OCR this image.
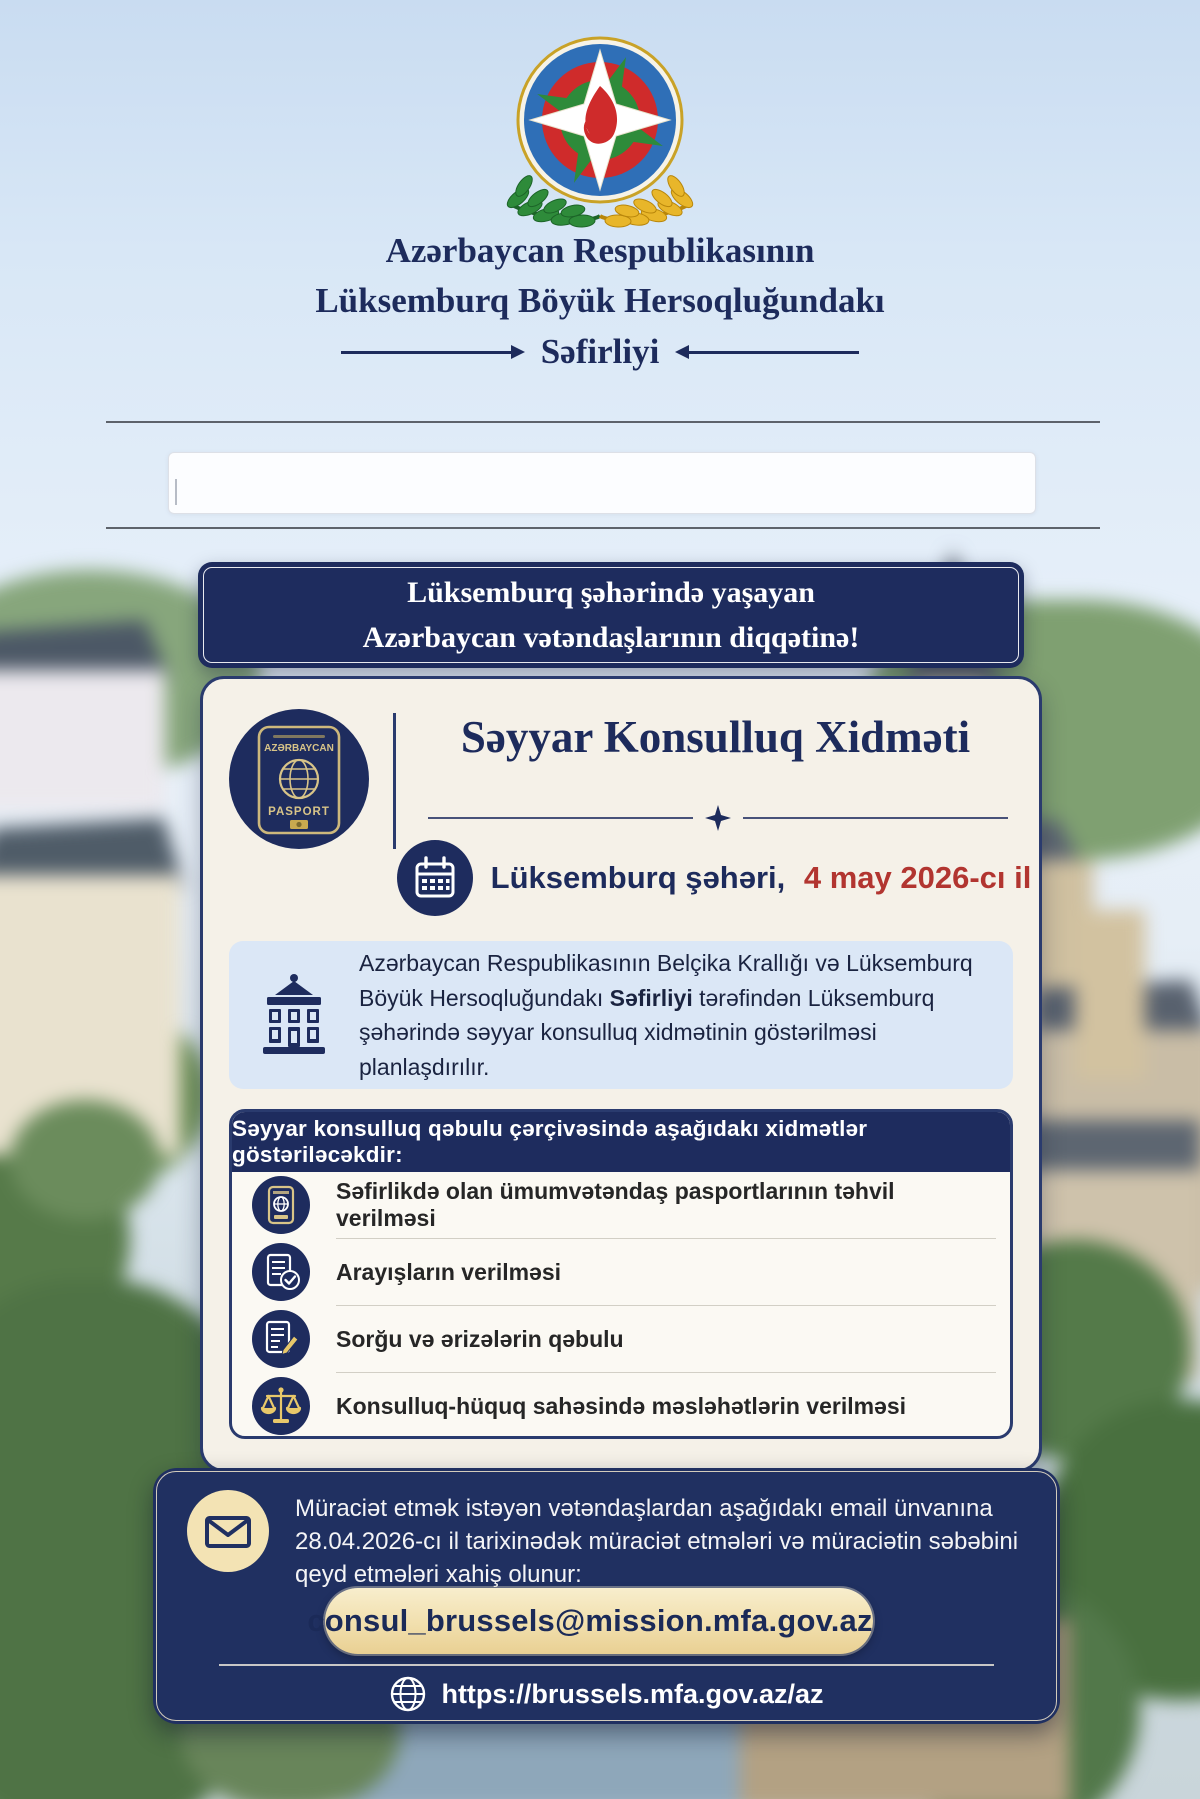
Azərbaycan Respublikasının
Lüksemburq Böyük Hersoqluğundakı
Səfirliyi

Lüksemburq şəhərində yaşayan

Azərbaycan vətəndaşlarının diqqətinə!

AZƏRBAYCAN
PASPORT
Səyyar Konsulluq Xidməti
Lüksemburq şəhəri, 4 may 2026-cı il

Azərbaycan Respublikasının Belçika Krallığı və Lüksemburq Böyük Hersoqluğundakı Səfirliyi tərəfindən Lüksemburq şəhərində səyyar konsulluq xidmətinin göstərilməsi planlaşdırılır.

Səyyar konsulluq qəbulu çərçivəsində aşağıdakı xidmətlər göstəriləcəkdir:
Səfirlikdə olan ümumvətəndaş pasportlarının təhvil verilməsi
Arayışların verilməsi
Sorğu və ərizələrin qəbulu
Konsulluq-hüquq sahəsində məsləhətlərin verilməsi

Müraciət etmək istəyən vətəndaşlardan aşağıdakı email ünvanına 28.04.2026-cı il tarixinədək müraciət etmələri və müraciətin səbəbini qeyd etmələri xahiş olunur:

consul_brussels@mission.mfa.gov.az
https://brussels.mfa.gov.az/az
